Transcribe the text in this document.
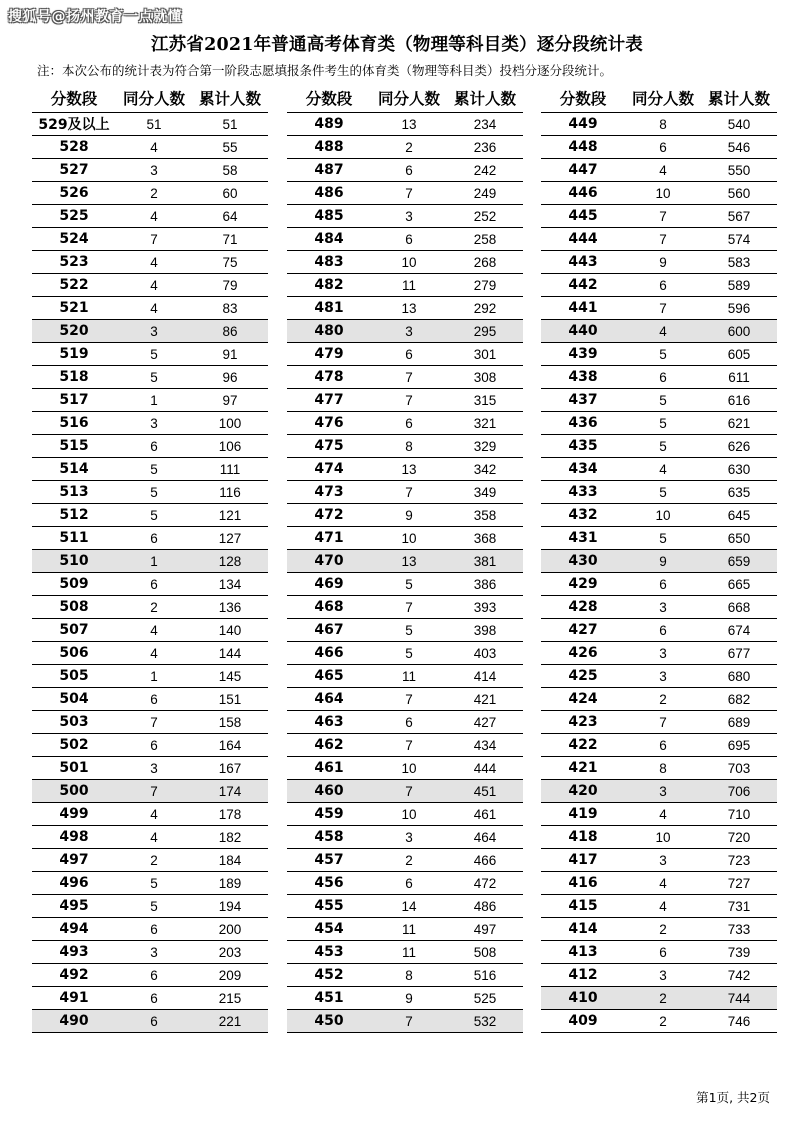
搜狐号@扬州教育一点就懂
江苏省2021年普通高考体育类（物理等科目类）逐分段统计表
注：本次公布的统计表为符合第一阶段志愿填报条件考生的体育类（物理等科目类）投档分逐分段统计。
分数段	同分人数 累计人数
529及以上	51	51
528	4	55
527	3	58
526	2	60
525	4	64
524	7	71
523	4	75
522	4	79
521	4	83
520	3	86
519	5	91
518	5	96
517	1	97
516	3	100
515	6	106
514	5	111
513	5	116
512	5	121
511	6	127
510	1	128
509	6	134
508	2	136
507	4	140
506	4	144
505	1	145
504	6	151
503	7	158
502	6	164
501	3	167
500	7	174
499	4	178
498	4	182
497	2	184
496	5	189
495	5	194
494	6	200
493	3	203
492	6	209
491	6	215
490	6	221
分数段	同分人数 累计人数
489	13	234
488	2	236
487	6	242
486	7	249
485	3	252
484	6	258
483	10	268
482	11	279
481	13	292
480	3	295
479	6	301
478	7	308
477	7	315
476	6	321
475	8	329
474	13	342
473	7	349
472	9	358
471	10	368
470	13	381
469	5	386
468	7	393
467	5	398
466	5	403
465	11	414
464	7	421
463	6	427
462	7	434
461	10	444
460	7	451
459	10	461
458	3	464
457	2	466
456	6	472
455	14	486
454	11	497
453	11	508
452	8	516
451	9	525
450	7	532
分数段	同分人数 累计人数
449	8	540
448	6	546
447	4	550
446	10	560
445	7	567
444	7	574
443	9	583
442	6	589
441	7	596
440	4	600
439	5	605
438	6	611
437	5	616
436	5	621
435	5	626
434	4	630
433	5	635
432	10	645
431	5	650
430	9	659
429	6	665
428	3	668
427	6	674
426	3	677
425	3	680
424	2	682
423	7	689
422	6	695
421	8	703
420	3	706
419	4	710
418	10	720
417	3	723
416	4	727
415	4	731
414	2	733
413	6	739
412	3	742
410	2	744
409	2	746
第1页, 共2页
